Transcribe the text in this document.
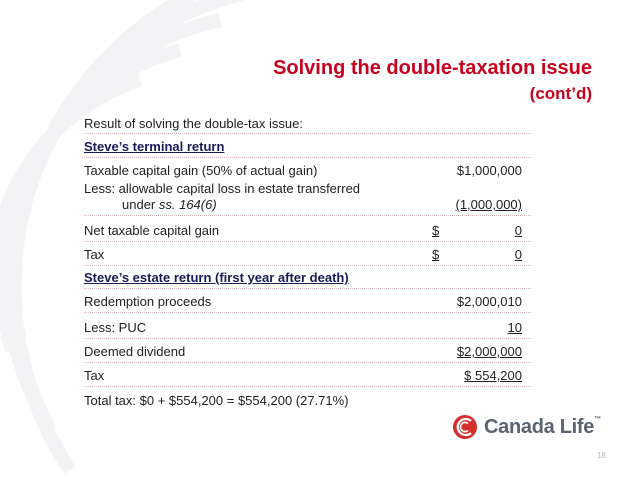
Solving the double-taxation issue
(cont’d)
Result of solving the double-tax issue:
Steve’s terminal return
Taxable capital gain (50% of actual gain)	$1,000,000
Less: allowable capital loss in estate transferred
under ss. 164(6)	(1,000,000)
Net taxable capital gain	$	0
Tax	$	0
Steve’s estate return (first year after death)
Redemption proceeds	$2,000,010
Less: PUC	10
Deemed dividend	$2,000,000
Tax	$ 554,200
Total tax: $0 + $554,200 = $554,200 (27.71%)
Canada Life™
18
